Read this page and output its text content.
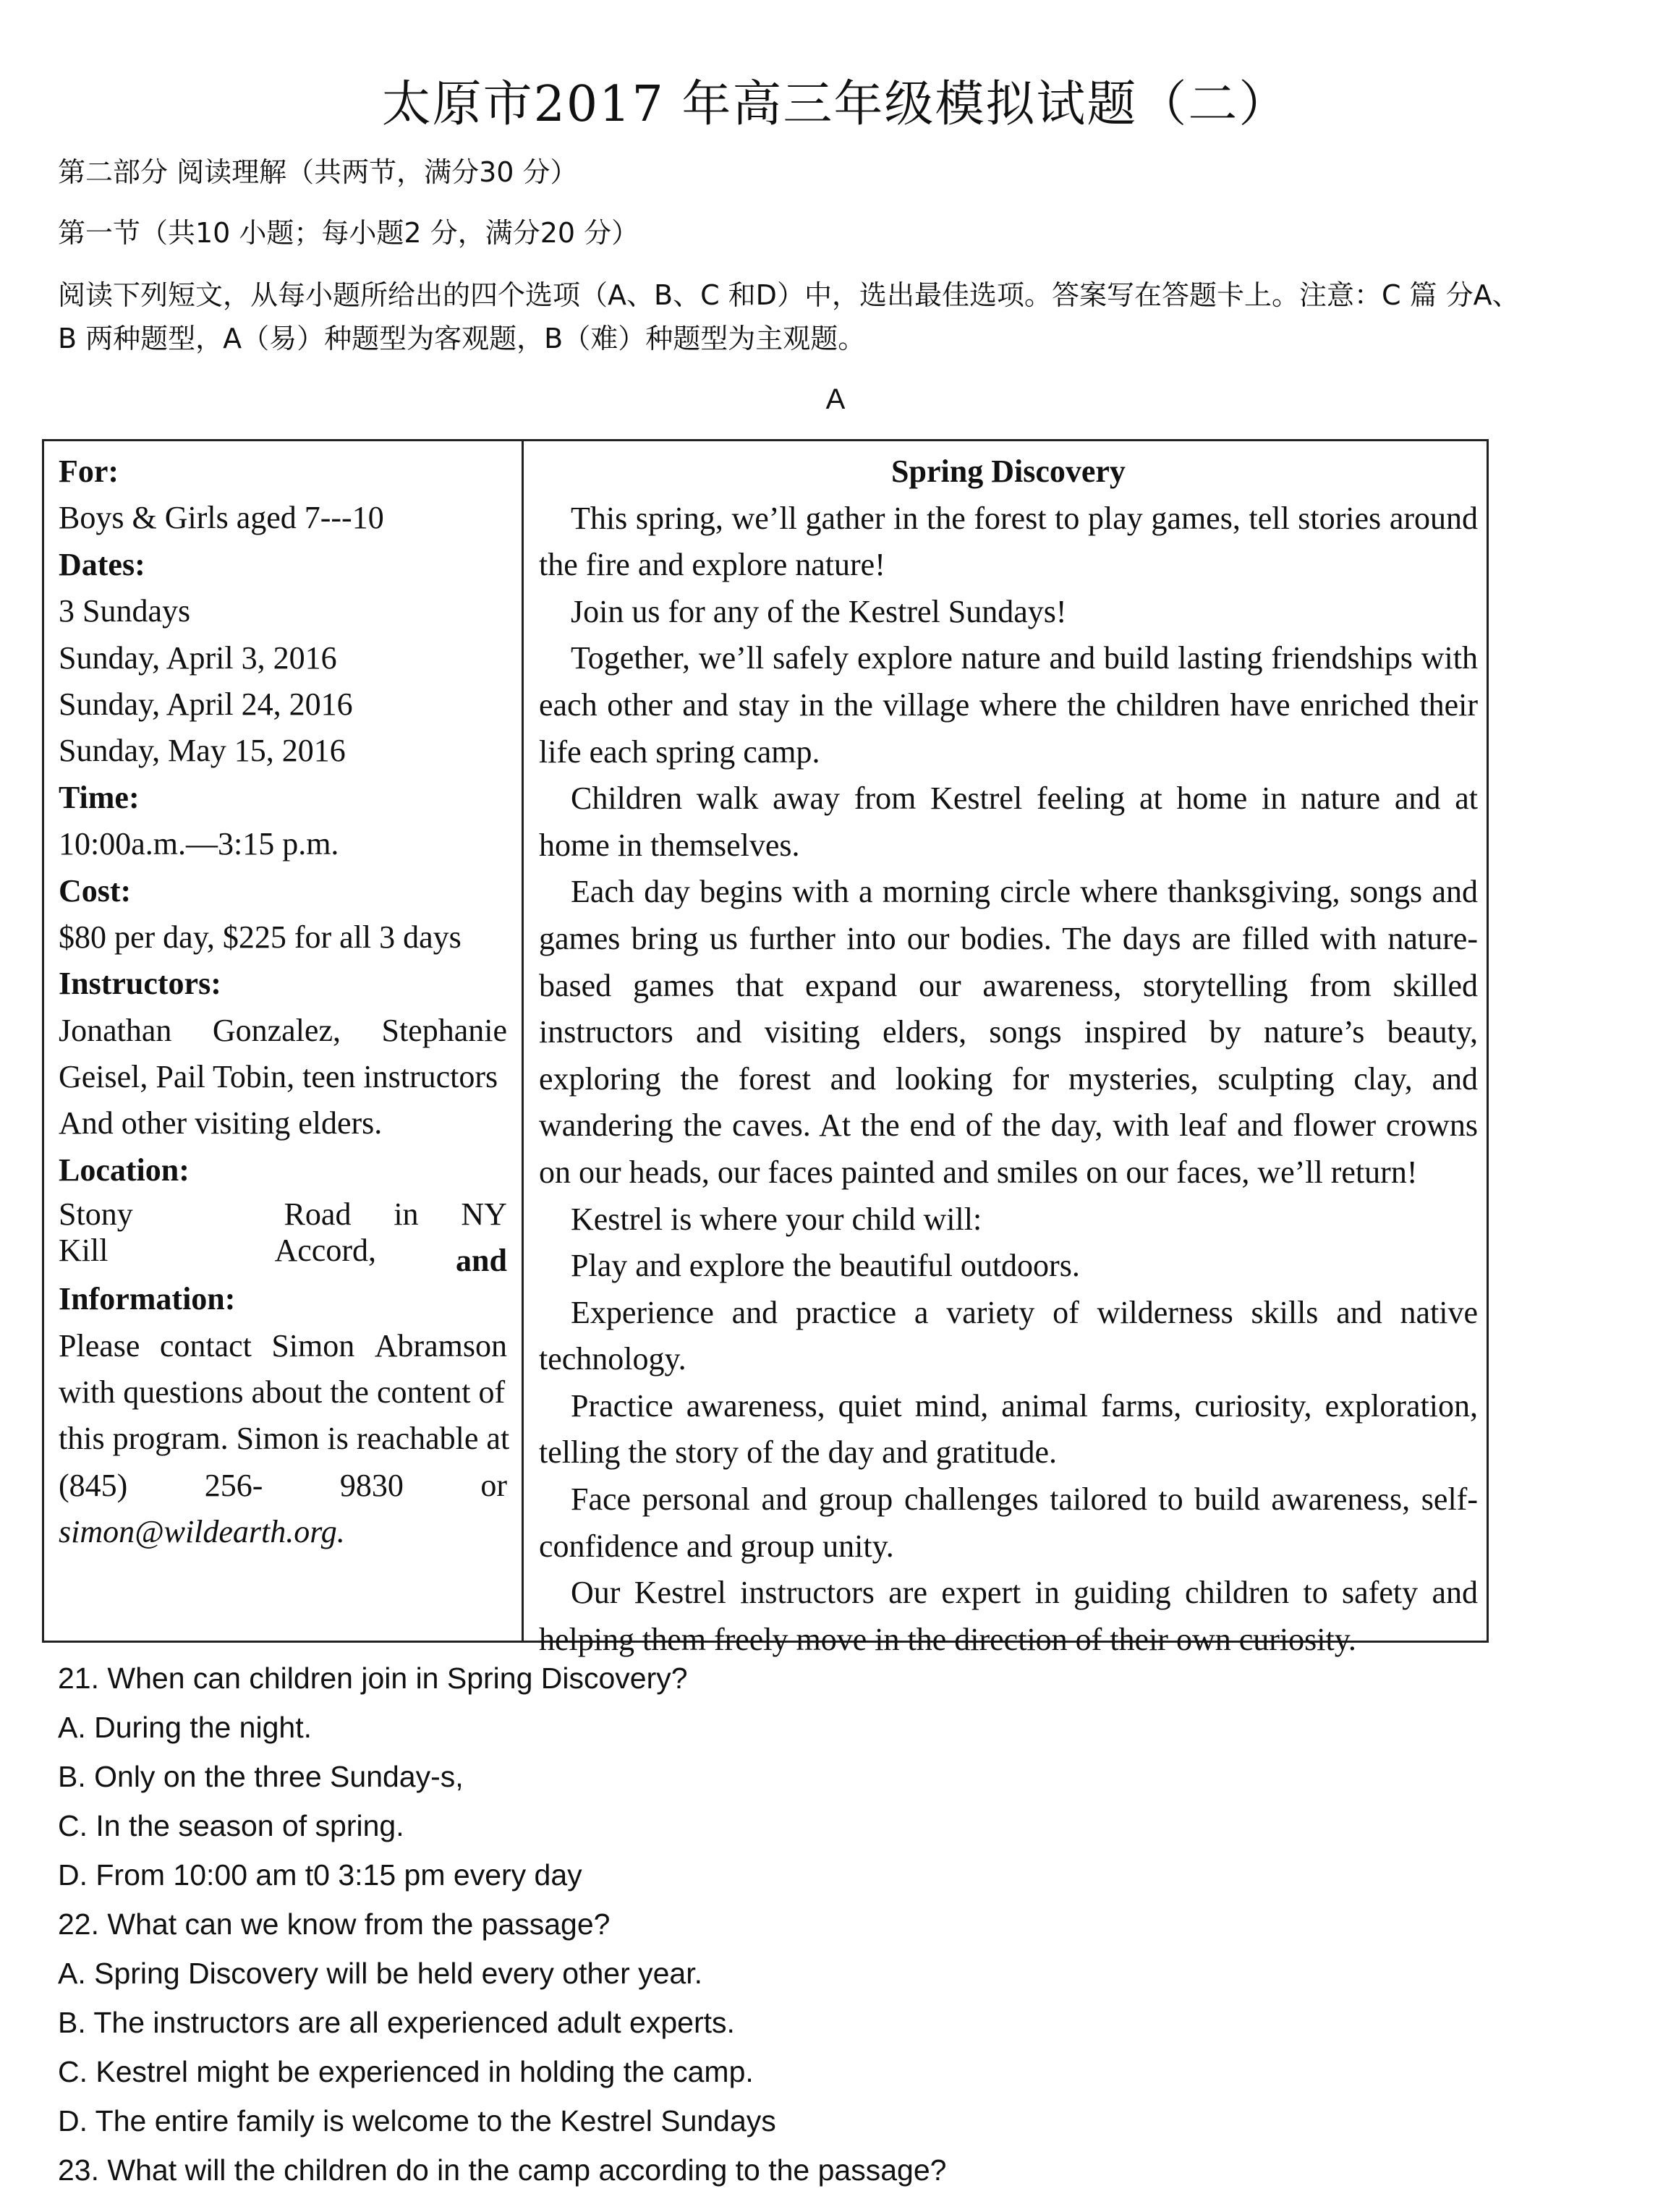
太原市2017 年高三年级模拟试题（二）
第二部分 阅读理解（共两节，满分30 分）
第一节（共10 小题；每小题2 分，满分20 分）
阅读下列短文，从每小题所给出的四个选项（A、B、C 和D）中，选出最佳选项。答案写在答题卡上。注意：C 篇 分A、
B 两种题型，A（易）种题型为客观题，B（难）种题型为主观题。
A
For:
Boys & Girls aged 7---10
Dates:
3 Sundays
Sunday, April 3, 2016
Sunday, April 24, 2016
Sunday, May 15, 2016
Time:
10:00a.m.—3:15 p.m.
Cost:
$80 per day, $225 for all 3 days
Instructors:
Jonathan Gonzalez, Stephanie
Geisel, Pail Tobin, teen instructors
And other visiting elders.
Location:
Stony	Road in NY
Kill	Accord,	and
Information:
Please contact Simon Abramson
with questions about the content of
this program. Simon is reachable at
(845) 256- 9830 or
simon@wildearth.org.
Spring Discovery

This spring, we’ll gather in the forest to play games, tell stories around the fire and explore nature!

Join us for any of the Kestrel Sundays!

Together, we’ll safely explore nature and build lasting friendships with each other and stay in the village where the children have enriched their life each spring camp.

Children walk away from Kestrel feeling at home in nature and at home in themselves.

Each day begins with a morning circle where thanksgiving, songs and games bring us further into our bodies. The days are filled with nature-based games that expand our awareness, storytelling from skilled instructors and visiting elders, songs inspired by nature’s beauty, exploring the forest and looking for mysteries, sculpting clay, and wandering the caves. At the end of the day, with leaf and flower crowns on our heads, our faces painted and smiles on our faces, we’ll return!

Kestrel is where your child will:

Play and explore the beautiful outdoors.

Experience and practice a variety of wilderness skills and native technology.

Practice awareness, quiet mind, animal farms, curiosity, exploration, telling the story of the day and gratitude.

Face personal and group challenges tailored to build awareness, self-confidence and group unity.

Our Kestrel instructors are expert in guiding children to safety and helping them freely move in the direction of their own curiosity.

21. When can children join in Spring Discovery?
A. During the night.
B. Only on the three Sunday-s,
C. In the season of spring.
D. From 10:00 am t0 3:15 pm every day
22. What can we know from the passage?
A. Spring Discovery will be held every other year.
B. The instructors are all experienced adult experts.
C. Kestrel might be experienced in holding the camp.
D. The entire family is welcome to the Kestrel Sundays
23. What will the children do in the camp according to the passage?
